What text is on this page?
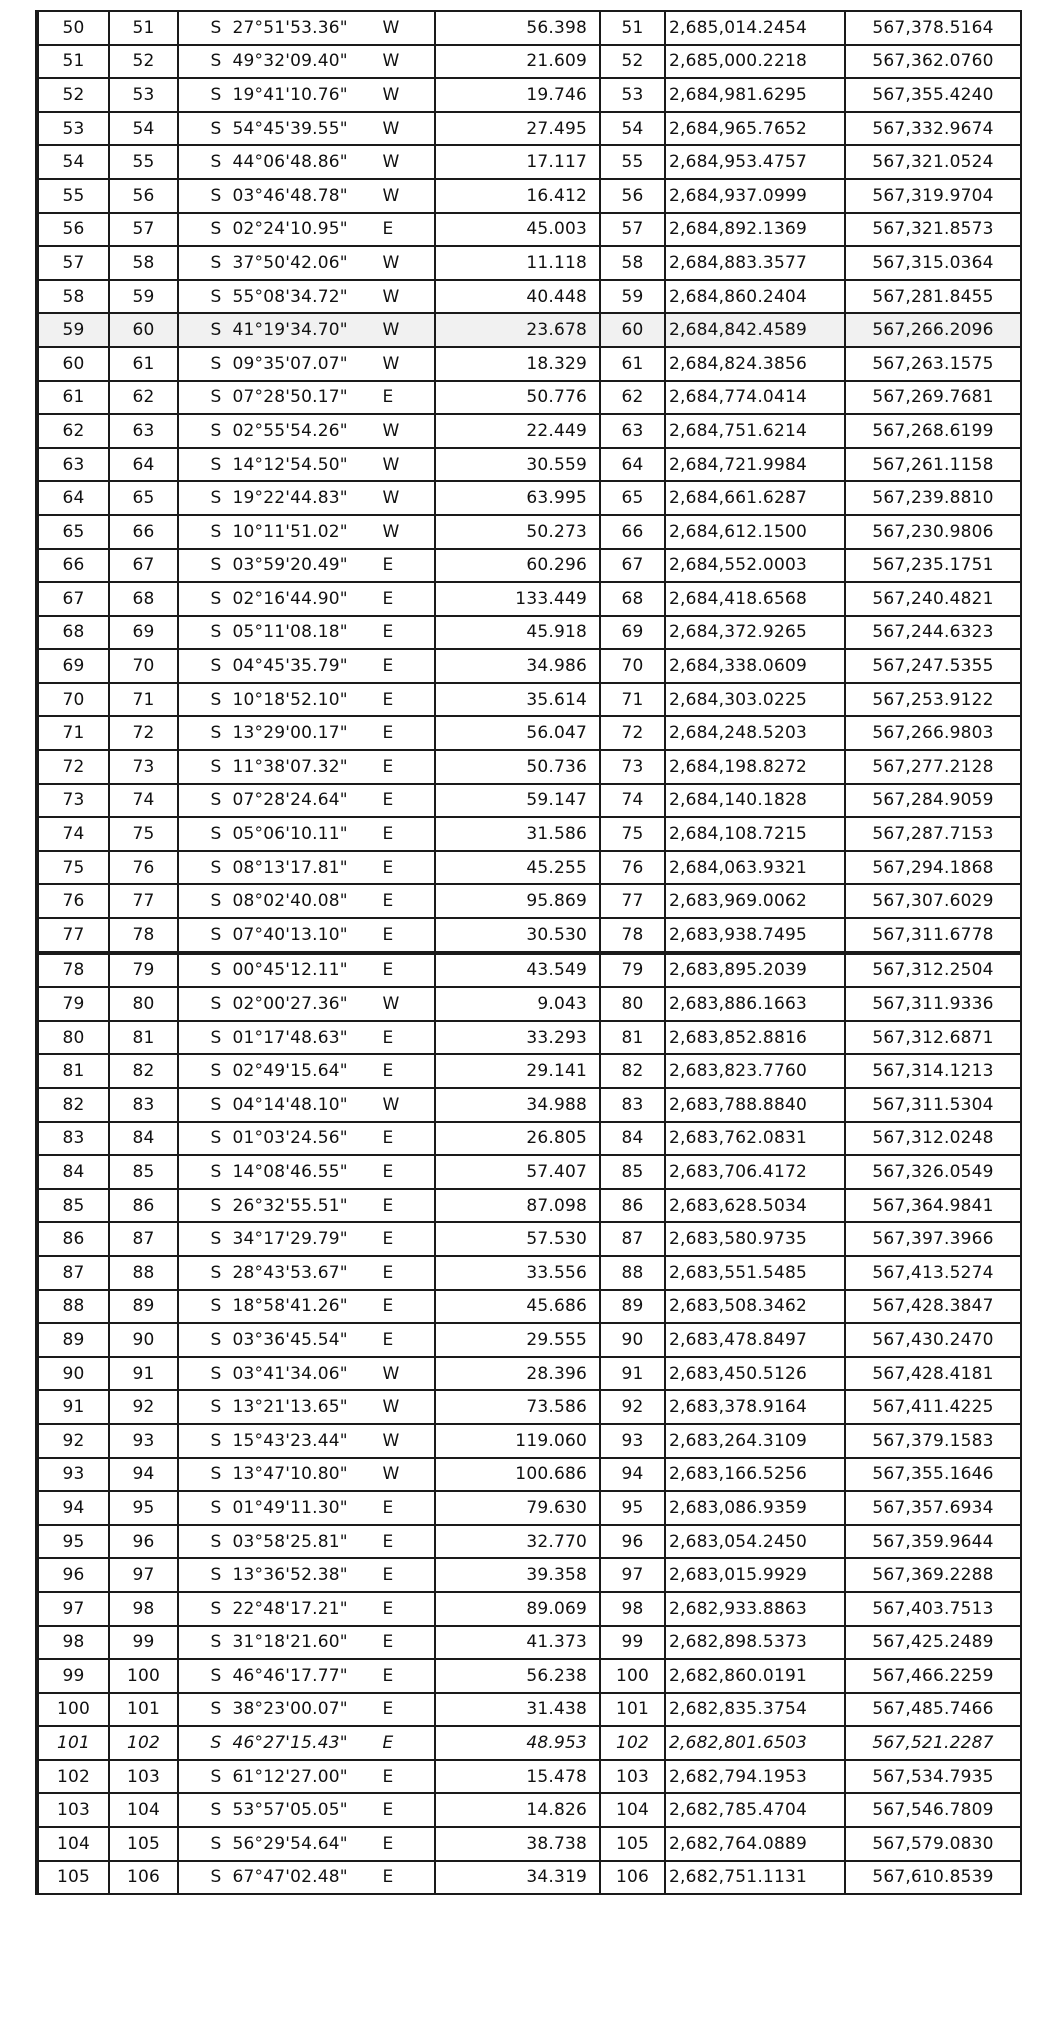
50	51	S 27°51'53.36" W	56.398	51	2,685,014.2454	567,378.5164
51	52	S 49°32'09.40" W	21.609	52	2,685,000.2218	567,362.0760
52	53	S 19°41'10.76" W	19.746	53	2,684,981.6295	567,355.4240
53	54	S 54°45'39.55" W	27.495	54	2,684,965.7652	567,332.9674
54	55	S 44°06'48.86" W	17.117	55	2,684,953.4757	567,321.0524
55	56	S 03°46'48.78" W	16.412	56	2,684,937.0999	567,319.9704
56	57	S 02°24'10.95" E	45.003	57	2,684,892.1369	567,321.8573
57	58	S 37°50'42.06" W	11.118	58	2,684,883.3577	567,315.0364
58	59	S 55°08'34.72" W	40.448	59	2,684,860.2404	567,281.8455
59	60	S 41°19'34.70" W	23.678	60	2,684,842.4589	567,266.2096
60	61	S 09°35'07.07" W	18.329	61	2,684,824.3856	567,263.1575
61	62	S 07°28'50.17" E	50.776	62	2,684,774.0414	567,269.7681
62	63	S 02°55'54.26" W	22.449	63	2,684,751.6214	567,268.6199
63	64	S 14°12'54.50" W	30.559	64	2,684,721.9984	567,261.1158
64	65	S 19°22'44.83" W	63.995	65	2,684,661.6287	567,239.8810
65	66	S 10°11'51.02" W	50.273	66	2,684,612.1500	567,230.9806
66	67	S 03°59'20.49" E	60.296	67	2,684,552.0003	567,235.1751
67	68	S 02°16'44.90" E	133.449	68	2,684,418.6568	567,240.4821
68	69	S 05°11'08.18" E	45.918	69	2,684,372.9265	567,244.6323
69	70	S 04°45'35.79" E	34.986	70	2,684,338.0609	567,247.5355
70	71	S 10°18'52.10" E	35.614	71	2,684,303.0225	567,253.9122
71	72	S 13°29'00.17" E	56.047	72	2,684,248.5203	567,266.9803
72	73	S 11°38'07.32" E	50.736	73	2,684,198.8272	567,277.2128
73	74	S 07°28'24.64" E	59.147	74	2,684,140.1828	567,284.9059
74	75	S 05°06'10.11" E	31.586	75	2,684,108.7215	567,287.7153
75	76	S 08°13'17.81" E	45.255	76	2,684,063.9321	567,294.1868
76	77	S 08°02'40.08" E	95.869	77	2,683,969.0062	567,307.6029
77	78	S 07°40'13.10" E	30.530	78	2,683,938.7495	567,311.6778
78	79	S 00°45'12.11" E	43.549	79	2,683,895.2039	567,312.2504
79	80	S 02°00'27.36" W	9.043	80	2,683,886.1663	567,311.9336
80	81	S 01°17'48.63" E	33.293	81	2,683,852.8816	567,312.6871
81	82	S 02°49'15.64" E	29.141	82	2,683,823.7760	567,314.1213
82	83	S 04°14'48.10" W	34.988	83	2,683,788.8840	567,311.5304
83	84	S 01°03'24.56" E	26.805	84	2,683,762.0831	567,312.0248
84	85	S 14°08'46.55" E	57.407	85	2,683,706.4172	567,326.0549
85	86	S 26°32'55.51" E	87.098	86	2,683,628.5034	567,364.9841
86	87	S 34°17'29.79" E	57.530	87	2,683,580.9735	567,397.3966
87	88	S 28°43'53.67" E	33.556	88	2,683,551.5485	567,413.5274
88	89	S 18°58'41.26" E	45.686	89	2,683,508.3462	567,428.3847
89	90	S 03°36'45.54" E	29.555	90	2,683,478.8497	567,430.2470
90	91	S 03°41'34.06" W	28.396	91	2,683,450.5126	567,428.4181
91	92	S 13°21'13.65" W	73.586	92	2,683,378.9164	567,411.4225
92	93	S 15°43'23.44" W	119.060	93	2,683,264.3109	567,379.1583
93	94	S 13°47'10.80" W	100.686	94	2,683,166.5256	567,355.1646
94	95	S 01°49'11.30" E	79.630	95	2,683,086.9359	567,357.6934
95	96	S 03°58'25.81" E	32.770	96	2,683,054.2450	567,359.9644
96	97	S 13°36'52.38" E	39.358	97	2,683,015.9929	567,369.2288
97	98	S 22°48'17.21" E	89.069	98	2,682,933.8863	567,403.7513
98	99	S 31°18'21.60" E	41.373	99	2,682,898.5373	567,425.2489
99	100	S 46°46'17.77" E	56.238	100	2,682,860.0191	567,466.2259
100	101	S 38°23'00.07" E	31.438	101	2,682,835.3754	567,485.7466
101	102	S 46°27'15.43" E	48.953	102	2,682,801.6503	567,521.2287
102	103	S 61°12'27.00" E	15.478	103	2,682,794.1953	567,534.7935
103	104	S 53°57'05.05" E	14.826	104	2,682,785.4704	567,546.7809
104	105	S 56°29'54.64" E	38.738	105	2,682,764.0889	567,579.0830
105	106	S 67°47'02.48" E	34.319	106	2,682,751.1131	567,610.8539
